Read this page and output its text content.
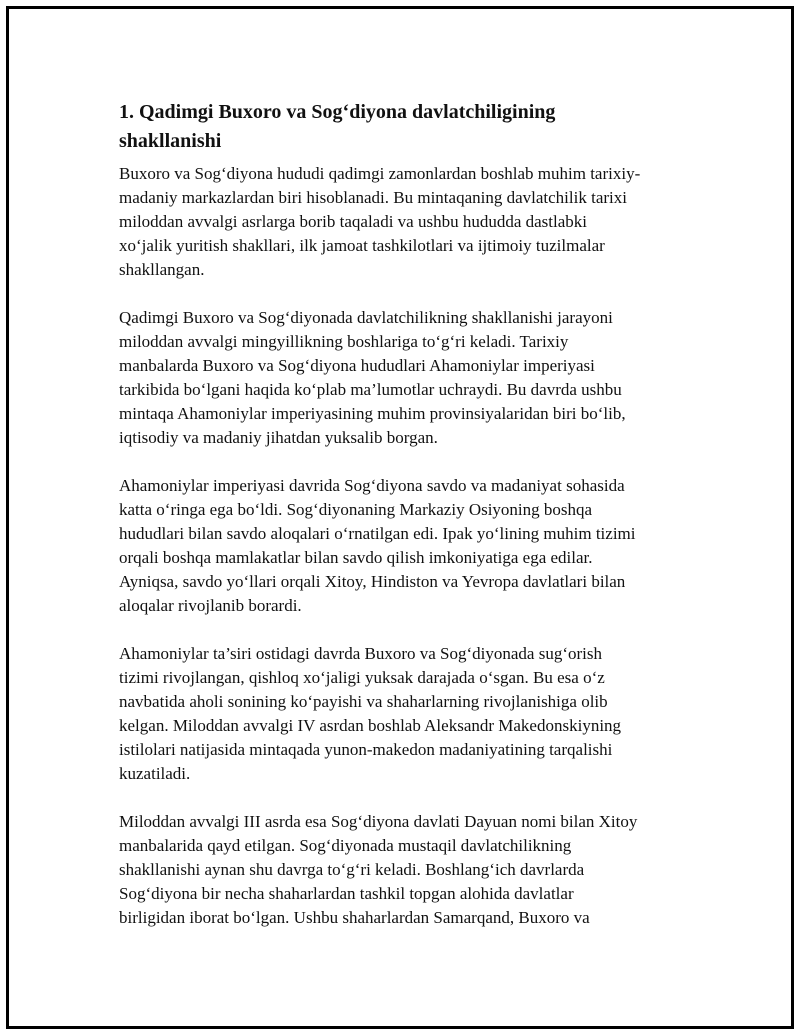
1. Qadimgi Buxoro va Sog‘diyona davlatchiligining
shakllanishi

Buxoro va Sog‘diyona hududi qadimgi zamonlardan boshlab muhim tarixiy-
madaniy markazlardan biri hisoblanadi. Bu mintaqaning davlatchilik tarixi
miloddan avvalgi asrlarga borib taqaladi va ushbu hududda dastlabki
xo‘jalik yuritish shakllari, ilk jamoat tashkilotlari va ijtimoiy tuzilmalar
shakllangan.

Qadimgi Buxoro va Sog‘diyonada davlatchilikning shakllanishi jarayoni
miloddan avvalgi mingyillikning boshlariga to‘g‘ri keladi. Tarixiy
manbalarda Buxoro va Sog‘diyona hududlari Ahamoniylar imperiyasi
tarkibida bo‘lgani haqida ko‘plab ma’lumotlar uchraydi. Bu davrda ushbu
mintaqa Ahamoniylar imperiyasining muhim provinsiyalaridan biri bo‘lib,
iqtisodiy va madaniy jihatdan yuksalib borgan.

Ahamoniylar imperiyasi davrida Sog‘diyona savdo va madaniyat sohasida
katta o‘ringa ega bo‘ldi. Sog‘diyonaning Markaziy Osiyoning boshqa
hududlari bilan savdo aloqalari o‘rnatilgan edi. Ipak yo‘lining muhim tizimi
orqali boshqa mamlakatlar bilan savdo qilish imkoniyatiga ega edilar.
Ayniqsa, savdo yo‘llari orqali Xitoy, Hindiston va Yevropa davlatlari bilan
aloqalar rivojlanib borardi.

Ahamoniylar ta’siri ostidagi davrda Buxoro va Sog‘diyonada sug‘orish
tizimi rivojlangan, qishloq xo‘jaligi yuksak darajada o‘sgan. Bu esa o‘z
navbatida aholi sonining ko‘payishi va shaharlarning rivojlanishiga olib
kelgan. Miloddan avvalgi IV asrdan boshlab Aleksandr Makedonskiyning
istilolari natijasida mintaqada yunon-makedon madaniyatining tarqalishi
kuzatiladi.

Miloddan avvalgi III asrda esa Sog‘diyona davlati Dayuan nomi bilan Xitoy
manbalarida qayd etilgan. Sog‘diyonada mustaqil davlatchilikning
shakllanishi aynan shu davrga to‘g‘ri keladi. Boshlang‘ich davrlarda
Sog‘diyona bir necha shaharlardan tashkil topgan alohida davlatlar
birligidan iborat bo‘lgan. Ushbu shaharlardan Samarqand, Buxoro va
